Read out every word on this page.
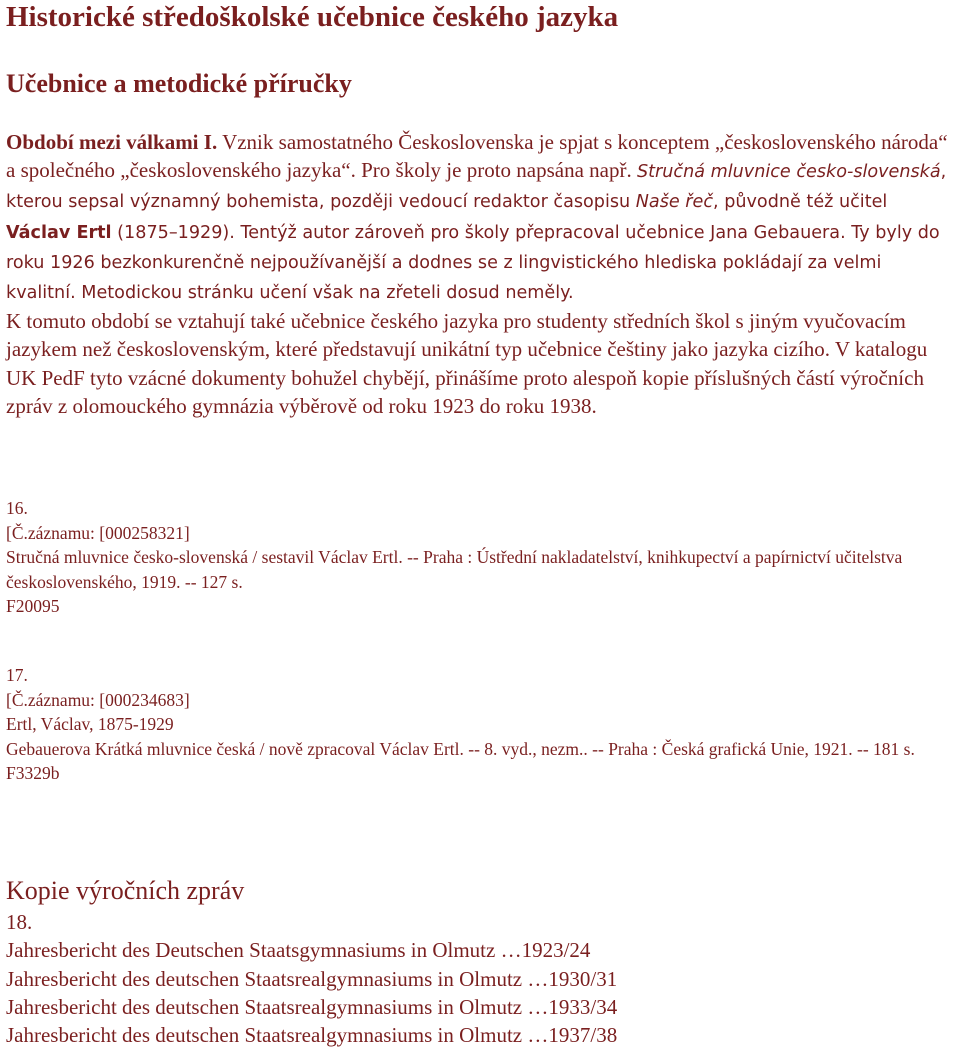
Historické středoškolské učebnice českého jazyka
Učebnice a metodické příručky

Období mezi válkami I. Vznik samostatného Československa je spjat s konceptem „československého národa“ a společného „československého jazyka“. Pro školy je proto napsána např. Stručná mluvnice česko-slovenská, kterou sepsal významný bohemista, později vedoucí redaktor časopisu Naše řeč, původně též učitel Václav Ertl (1875–1929). Tentýž autor zároveň pro školy přepracoval učebnice Jana Gebauera. Ty byly do roku 1926 bezkonkurenčně nejpoužívanější a dodnes se z lingvistického hlediska pokládají za velmi kvalitní. Metodickou stránku učení však na zřeteli dosud neměly.

K tomuto období se vztahují také učebnice českého jazyka pro studenty středních škol s jiným vyučovacím jazykem než československým, které představují unikátní typ učebnice češtiny jako jazyka cizího. V katalogu UK PedF tyto vzácné dokumenty bohužel chybějí, přinášíme proto alespoň kopie příslušných částí výročních zpráv z olomouckého gymnázia výběrově od roku 1923 do roku 1938.

16.
[Č.záznamu: [000258321]
Stručná mluvnice česko-slovenská / sestavil Václav Ertl. -- Praha : Ústřední nakladatelství, knihkupectví a papírnictví učitelstva československého, 1919. -- 127 s.
F20095
17.
[Č.záznamu: [000234683]
Ertl, Václav, 1875-1929
Gebauerova Krátká mluvnice česká / nově zpracoval Václav Ertl. -- 8. vyd., nezm.. -- Praha : Česká grafická Unie, 1921. -- 181 s.
F3329b
Kopie výročních zpráv
18.
Jahresbericht des Deutschen Staatsgymnasiums in Olmutz …1923/24
Jahresbericht des deutschen Staatsrealgymnasiums in Olmutz …1930/31
Jahresbericht des deutschen Staatsrealgymnasiums in Olmutz …1933/34
Jahresbericht des deutschen Staatsrealgymnasiums in Olmutz …1937/38
